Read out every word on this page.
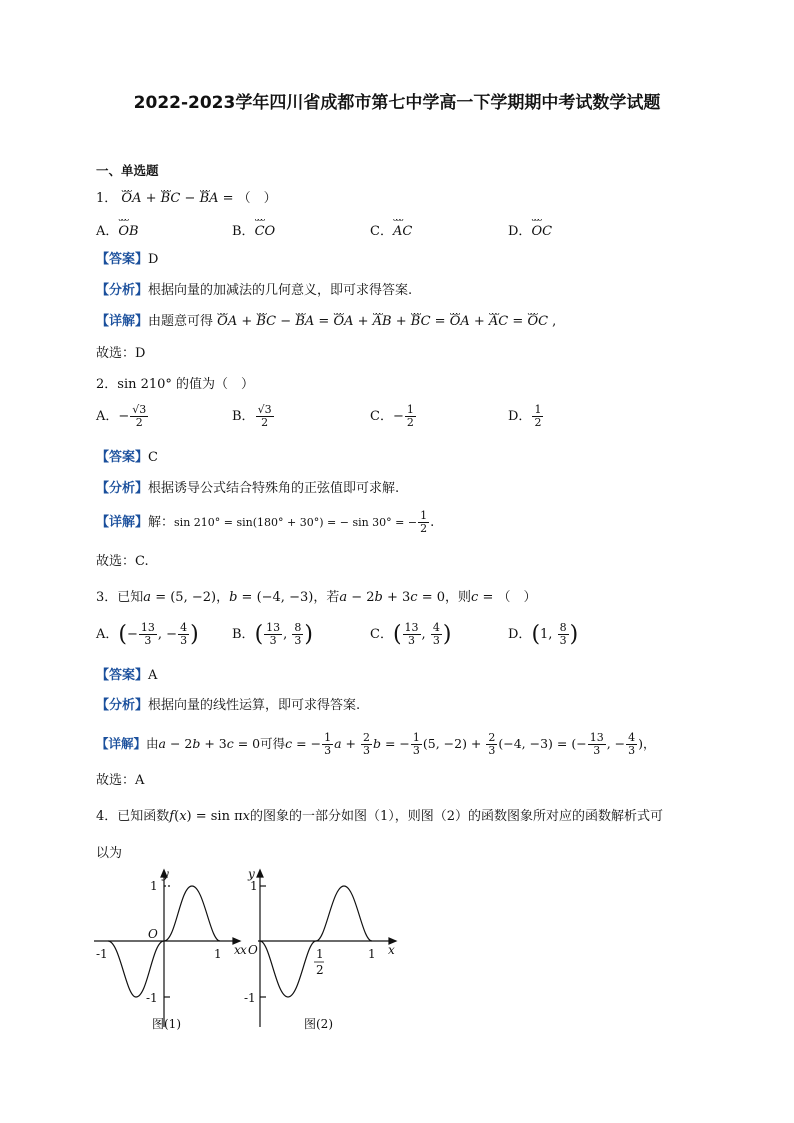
2022-2023学年四川省成都市第七中学高一下学期期中考试数学试题
一、单选题
1． ᴗᴗᴗ OA + ᴗᴗᴗ BC − ᴗᴗᴗ BA = （　）
A．ᴗᴗᴗ OB	B．ᴗᴗᴗ CO	C．ᴗᴗᴗ AC	D．ᴗᴗᴗ OC
【答案】D
【分析】根据向量的加减法的几何意义，即可求得答案.
【详解】由题意可得 ᴗᴗᴗ OA + ᴗᴗᴗ BC − ᴗᴗᴗ BA = ᴗᴗᴗ OA + ᴗᴗᴗ AB + ᴗᴗᴗ BC = ᴗᴗᴗ OA + ᴗᴗᴗ AC = ᴗᴗᴗ OC ,
故选：D
2．sin 210° 的值为（　）
A．− $\frac{√3}{2}$	B． $\frac{√3}{2}$	C．− $\frac{1}{2}$	D． $\frac{1}{2}$
【答案】C
【分析】根据诱导公式结合特殊角的正弦值即可求解.
【详解】解：sin 210° = sin(180° + 30°) = − sin 30° = − $\frac{1}{2}$ .
故选：C.
3．已知a = (5, −2)，b = (−4, −3)，若a − 2b + 3c = 0，则c = （　）
A．(− $\frac{13}{3}$ , − $\frac{4}{3}$ )	B．( $\frac{13}{3}$ , $\frac{8}{3}$ )	C．( $\frac{13}{3}$ , $\frac{4}{3}$ )	D．(1, $\frac{8}{3}$ )
【答案】A
【分析】根据向量的线性运算，即可求得答案.
【详解】由a − 2b + 3c = 0可得c = − $\frac{1}{3}$ $a + \frac{2}{3}$ b = − $\frac{1}{3} (5$, $-2) + \frac{2}{3} (-4$, −3) = (− $\frac{13}{3}$ , − $\frac{4}{3}$ )，
故选：A
4．已知函数f(x) = sin πx的图象的一部分如图（1），则图（2）的函数图象所对应的函数解析式可
以为
y
1
O
-1	1 x
-1
图(1)
y
1
x O	1
2
1 x
-1
图(2)
